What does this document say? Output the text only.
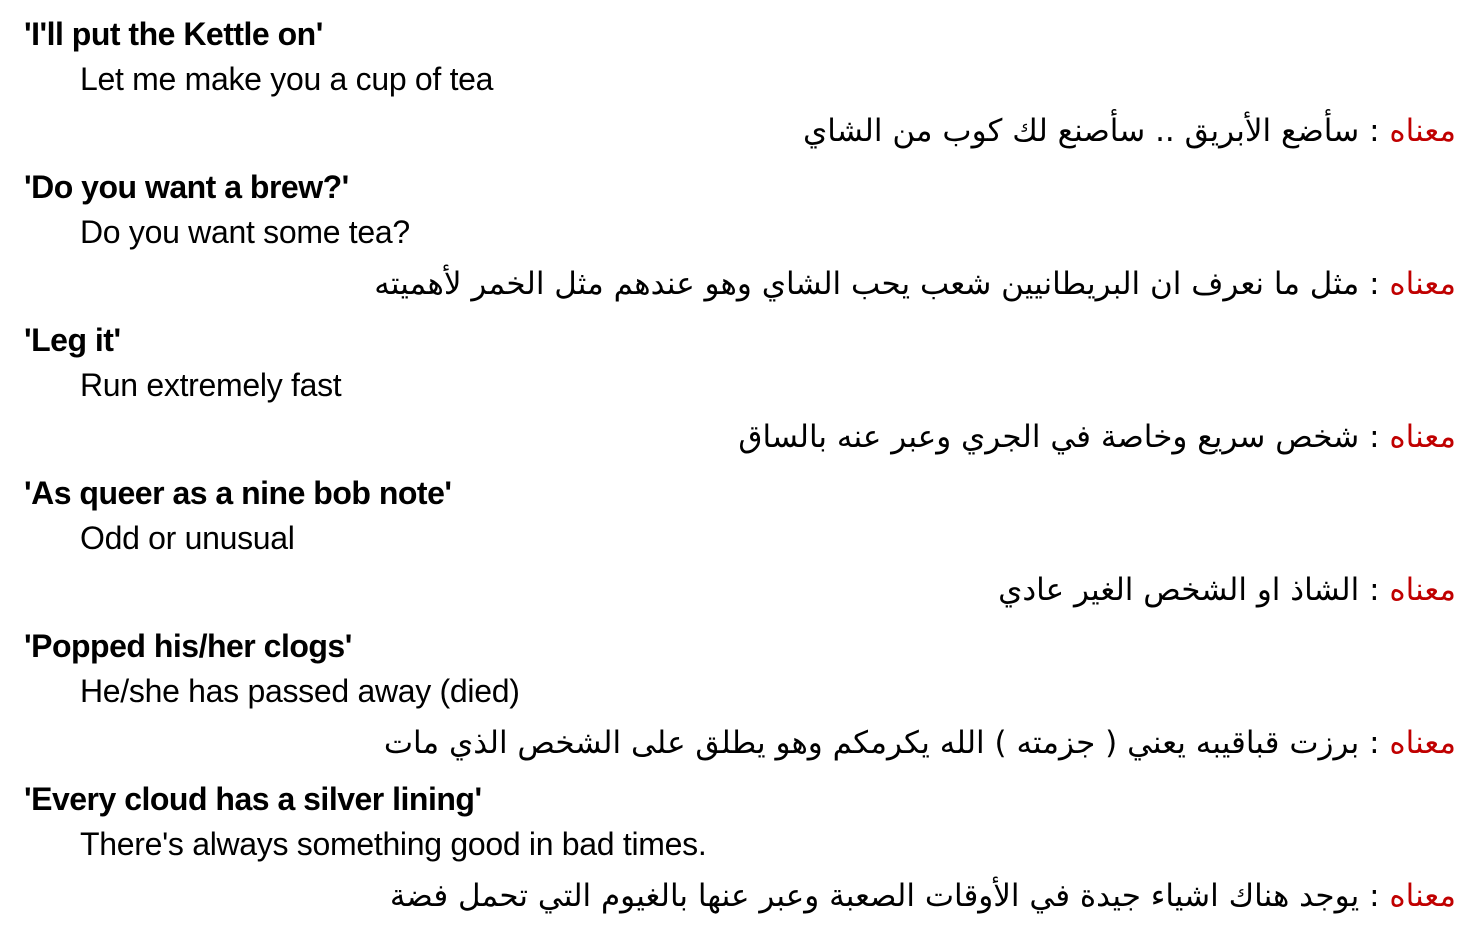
'I'll put the Kettle on'
Let me make you a cup of tea
معناه : سأضع الأبريق .. سأصنع لك كوب من الشاي
'Do you want a brew?'
Do you want some tea?
معناه : مثل ما نعرف ان البريطانيين شعب يحب الشاي وهو عندهم مثل الخمر لأهميته
'Leg it'
Run extremely fast
معناه : شخص سريع وخاصة في الجري وعبر عنه بالساق
'As queer as a nine bob note'
Odd or unusual
معناه : الشاذ او الشخص الغير عادي
'Popped his/her clogs'
He/she has passed away (died)
معناه : برزت قباقيبه يعني ( جزمته ) الله يكرمكم وهو يطلق على الشخص الذي مات
'Every cloud has a silver lining'
There's always something good in bad times.
معناه : يوجد هناك اشياء جيدة في الأوقات الصعبة وعبر عنها بالغيوم التي تحمل فضة
